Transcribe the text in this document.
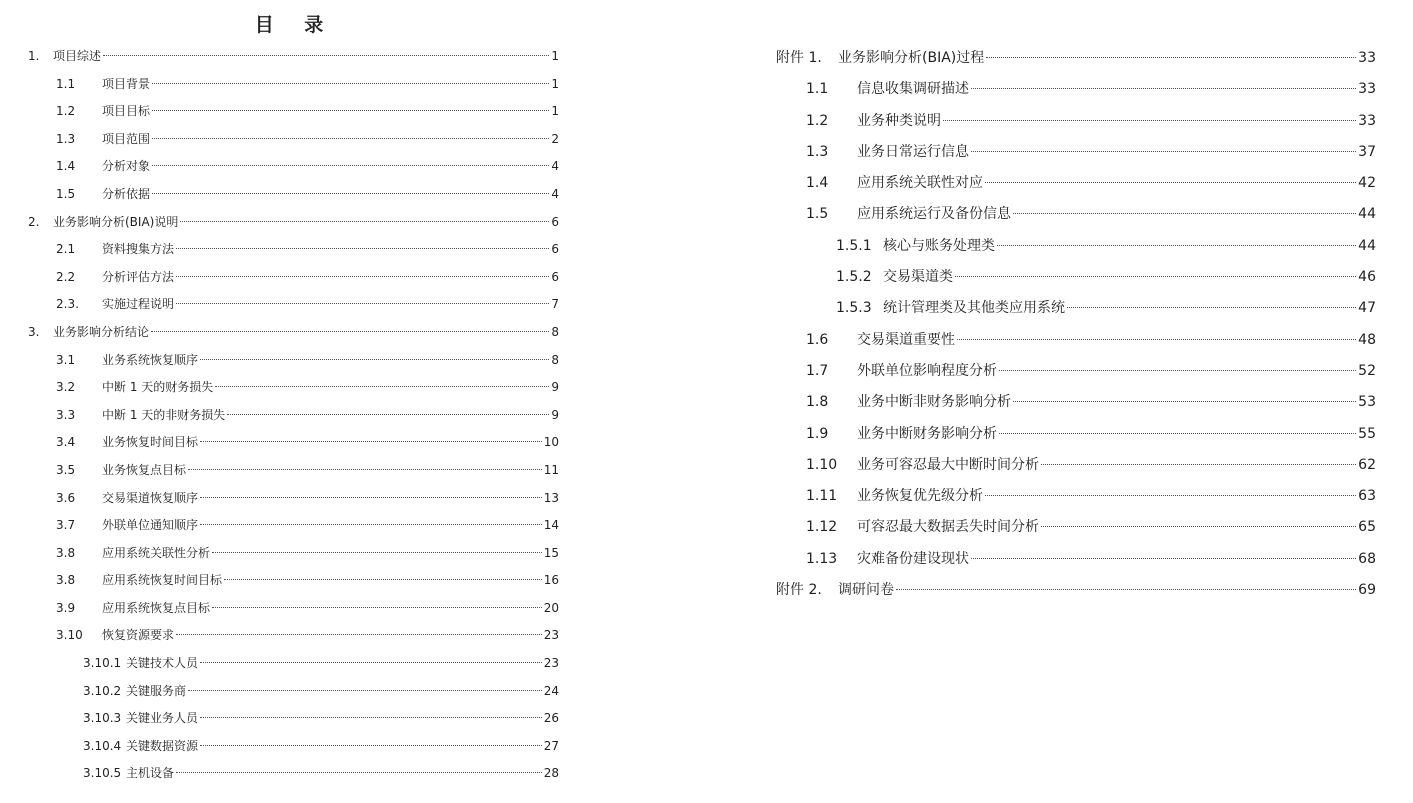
目 录
1.	项目综述	1
1.1	项目背景	1
1.2	项目目标	1
1.3	项目范围	2
1.4	分析对象	4
1.5	分析依据	4
2.	业务影响分析(BIA)说明	6
2.1	资料搜集方法	6
2.2	分析评估方法	6
2.3.	实施过程说明	7
3.	业务影响分析结论	8
3.1	业务系统恢复顺序	8
3.2	中断 1 天的财务损失	9
3.3	中断 1 天的非财务损失	9
3.4	业务恢复时间目标	10
3.5	业务恢复点目标	11
3.6	交易渠道恢复顺序	13
3.7	外联单位通知顺序	14
3.8	应用系统关联性分析	15
3.8	应用系统恢复时间目标	16
3.9	应用系统恢复点目标	20
3.10	恢复资源要求	23
3.10.1 关键技术人员	23
3.10.2 关键服务商	24
3.10.3 关键业务人员	26
3.10.4 关键数据资源	27
3.10.5 主机设备	28
附件 1.	业务影响分析(BIA)过程	33
1.1	信息收集调研描述	33
1.2	业务种类说明	33
1.3	业务日常运行信息	37
1.4	应用系统关联性对应	42
1.5	应用系统运行及备份信息	44
1.5.1 核心与账务处理类	44
1.5.2 交易渠道类	46
1.5.3 统计管理类及其他类应用系统	47
1.6	交易渠道重要性	48
1.7	外联单位影响程度分析	52
1.8	业务中断非财务影响分析	53
1.9	业务中断财务影响分析	55
1.10	业务可容忍最大中断时间分析	62
1.11	业务恢复优先级分析	63
1.12	可容忍最大数据丢失时间分析	65
1.13	灾难备份建设现状	68
附件 2.	调研问卷	69
